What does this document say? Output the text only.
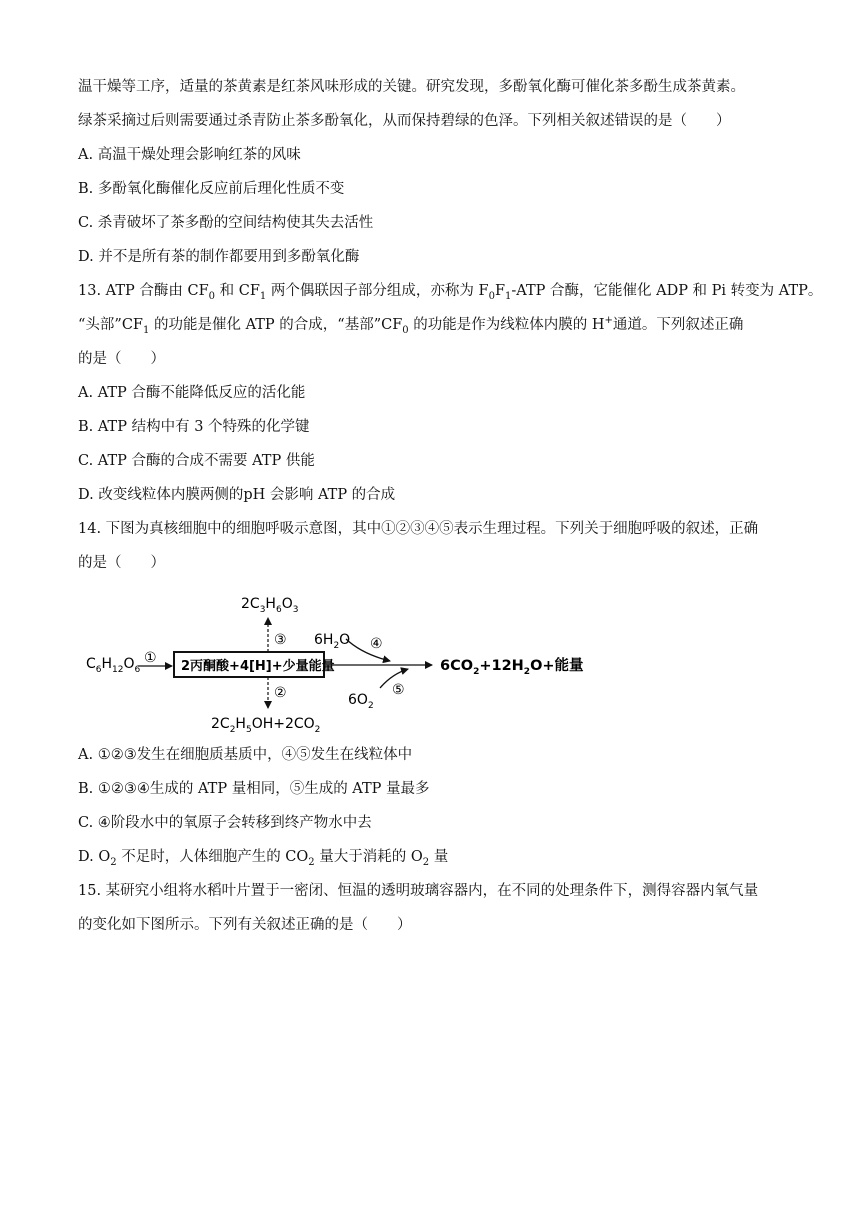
温干燥等工序，适量的茶黄素是红茶风味形成的关键。研究发现，多酚氧化酶可催化茶多酚生成茶黄素。
绿茶采摘过后则需要通过杀青防止茶多酚氧化，从而保持碧绿的色泽。下列相关叙述错误的是（　　）
A. 高温干燥处理会影响红茶的风味
B. 多酚氧化酶催化反应前后理化性质不变
C. 杀青破坏了茶多酚的空间结构使其失去活性
D. 并不是所有茶的制作都要用到多酚氧化酶
13. ATP 合酶由 $CF_0$ 和 $CF_1$ 两个偶联因子部分组成，亦称为 $F_0F_1$-ATP 合酶，它能催化 ADP 和 Pi 转变为 ATP。
“头部$”CF_1$ 的功能是催化 ATP 的合成，“基部$”CF_0$ 的功能是作为线粒体内膜的 H+通道。下列叙述正确
的是（　　）
A. ATP 合酶不能降低反应的活化能
B. ATP 结构中有 3 个特殊的化学键
C. ATP 合酶的合成不需要 ATP 供能
D. 改变线粒体内膜两侧的pH 会影响 ATP 的合成
14. 下图为真核细胞中的细胞呼吸示意图，其中①②③④⑤表示生理过程。下列关于细胞呼吸的叙述，正确
的是（　　）
$2C_3H_6O_3$
$C_6H_{12}O_6$
①
2丙酮酸+4[H]+少量能量
③
②
$2C_2H_5OH+2CO_2$
$6H_2O$ ④
$6O_2$
⑤
$6CO_2+12H_2O+$能量
A. ①②③发生在细胞质基质中，④⑤发生在线粒体中
B. ①②③④生成的 ATP 量相同，⑤生成的 ATP 量最多
C. ④阶段水中的氧原子会转移到终产物水中去
D. $O_2$ 不足时，人体细胞产生的 $CO_2$ 量大于消耗的 $O_2$ 量
15. 某研究小组将水稻叶片置于一密闭、恒温的透明玻璃容器内，在不同的处理条件下，测得容器内氧气量
的变化如下图所示。下列有关叙述正确的是（　　）
